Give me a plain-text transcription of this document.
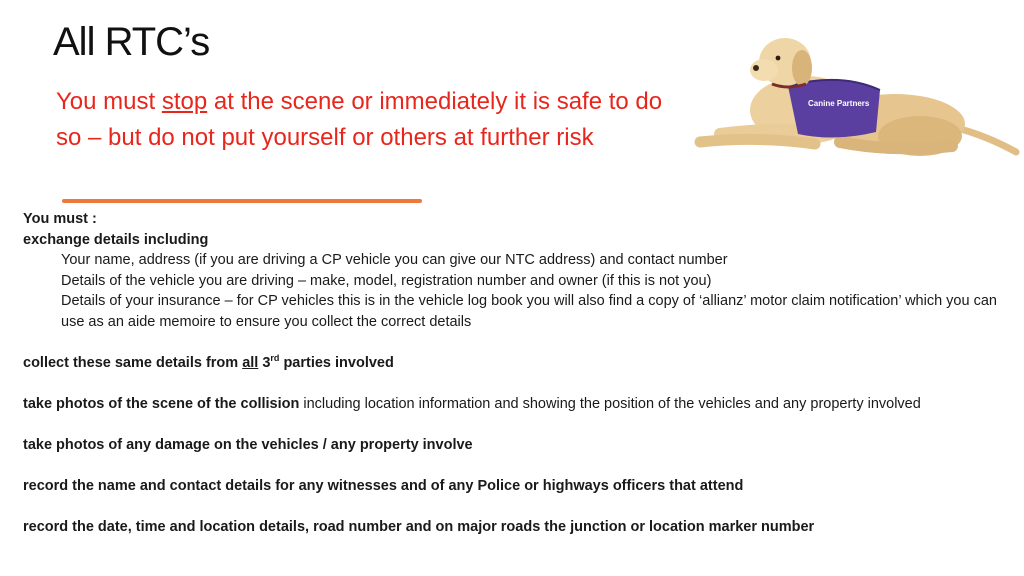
All RTC’s
You must stop at the scene or immediately it is safe to do so – but do not put yourself or others at further risk
Canine Partners

You must :

exchange details including

Your name, address (if you are driving a CP vehicle you can give our NTC address) and contact number

Details of the vehicle you are driving – make, model, registration number and owner (if this is not you)

Details of your insurance – for CP vehicles this is in the vehicle log book you will also find a copy of ‘allianz’ motor claim notification’ which you can use as an aide memoire to ensure you collect the correct details

collect these same details from all 3rd parties involved

take photos of the scene of the collision including location information and showing the position of the vehicles and any property involved

take photos of any damage on the vehicles / any property involve

record the name and contact details for any witnesses and of any Police or highways officers that attend

record the date, time and location details, road number and on major roads the junction or location marker number
